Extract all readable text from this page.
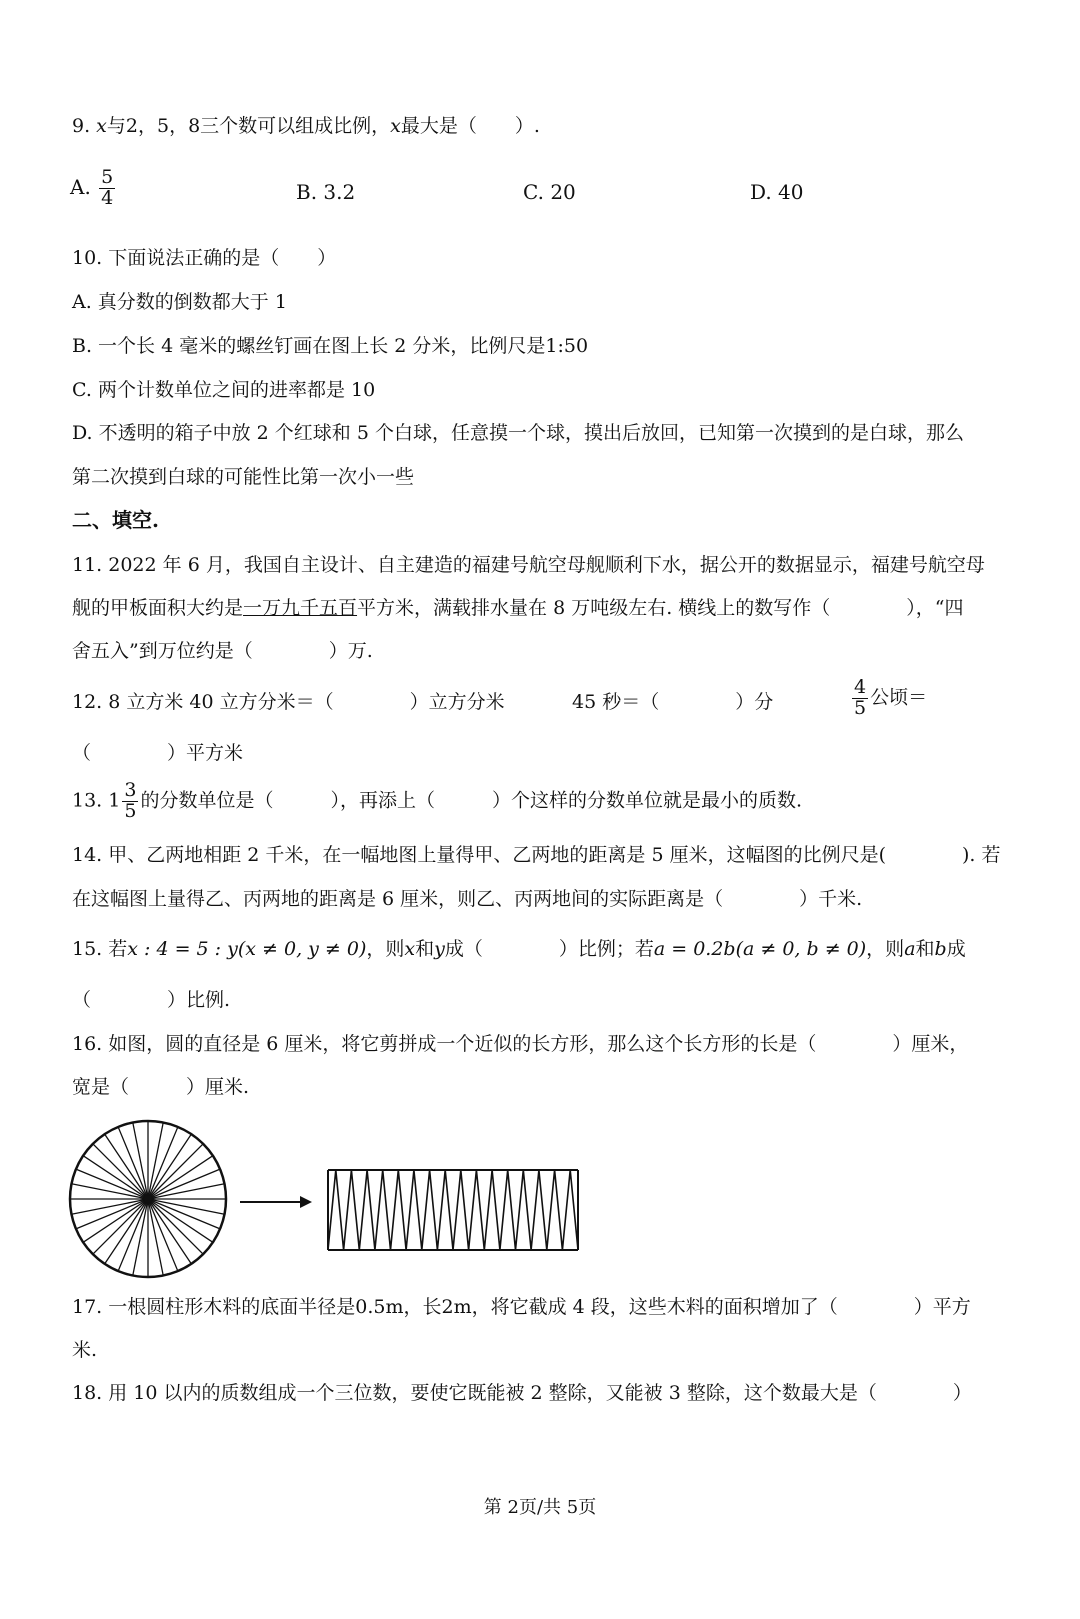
9. x与2，5，8三个数可以组成比例，x最大是（　　）.
A. $\frac{5}{4}$	B. 3.2	C. 20	D. 40
10. 下面说法正确的是（　　）
A. 真分数的倒数都大于 1
B. 一个长 4 毫米的螺丝钉画在图上长 2 分米，比例尺是1:50
C. 两个计数单位之间的进率都是 10
D. 不透明的箱子中放 2 个红球和 5 个白球，任意摸一个球，摸出后放回，已知第一次摸到的是白球，那么
第二次摸到白球的可能性比第一次小一些
二、填空.
11. 2022 年 6 月，我国自主设计、自主建造的福建号航空母舰顺利下水，据公开的数据显示，福建号航空母
舰的甲板面积大约是一万九千五百平方米，满载排水量在 8 万吨级左右. 横线上的数写作（　　　　），“四
舍五入”到万位约是（　　　　）万.
12. 8 立方米 40 立方分米＝（　　　　）立方分米	45 秒＝（　　　　）分	$\frac{4}{5}$ 公顷＝
（　　　　）平方米
13. $1 \frac{3}{5}$ 的分数单位是（　　　），再添上（　　　）个这样的分数单位就是最小的质数.
14. 甲、乙两地相距 2 千米，在一幅地图上量得甲、乙两地的距离是 5 厘米，这幅图的比例尺是(　　　　). 若
在这幅图上量得乙、丙两地的距离是 6 厘米，则乙、丙两地间的实际距离是（　　　　）千米.
15. 若x : 4 = 5 : y(x ≠ 0, y ≠ 0)，则x和y成（　　　　）比例；若a = 0.2b(a ≠ 0, b ≠ 0)，则a和b成
（　　　　）比例.
16. 如图，圆的直径是 6 厘米，将它剪拼成一个近似的长方形，那么这个长方形的长是（　　　　）厘米，
宽是（　　　）厘米.
17. 一根圆柱形木料的底面半径是0.5m，长2m，将它截成 4 段，这些木料的面积增加了（　　　　）平方
米.
18. 用 10 以内的质数组成一个三位数，要使它既能被 2 整除，又能被 3 整除，这个数最大是（　　　　）
第 2页/共 5页
